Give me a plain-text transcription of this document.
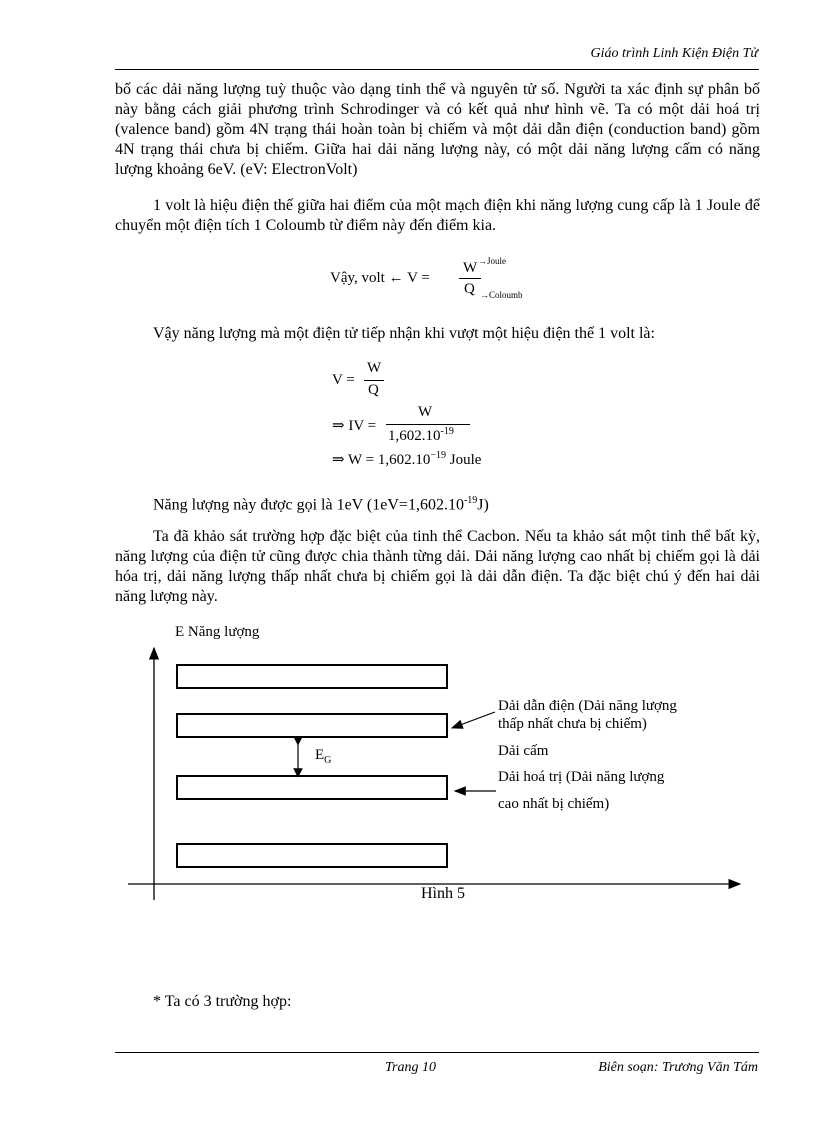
Giáo trình Linh Kiện Điện Tử
bố các dải năng lượng tuỳ thuộc vào dạng tinh thể và nguyên tử số. Người ta xác định sự phân bố này bằng cách giải phương trình Schrodinger và có kết quả như hình vẽ. Ta có một dải hoá trị (valence band) gồm 4N trạng thái hoàn toàn bị chiếm và một dải dẫn điện (conduction band) gồm 4N trạng thái chưa bị chiếm. Giữa hai dải năng lượng này, có một dải năng lượng cấm có năng lượng khoảng 6eV. (eV: ElectronVolt)
1 volt là hiệu điện thế giữa hai điểm của một mạch điện khi năng lượng cung cấp là 1 Joule để chuyển một điện tích 1 Coloumb từ điểm này đến điểm kia.
Vậy, volt ← V =
W →Joule
Q →Coloumb
Vậy năng lượng mà một điện tử tiếp nhận khi vượt một hiệu điện thế 1 volt là:
V =
W
Q
⇒ IV =
W
$1,602.10^{-19}$
⇒ $W = 1,602.10^{-19}$ Joule
Năng lượng này được gọi là 1eV $(1eV=1,602.10^{-19}J)$
Ta đã khảo sát trường hợp đặc biệt của tinh thể Cacbon. Nếu ta khảo sát một tinh thể bất kỳ, năng lượng của điện tử cũng được chia thành từng dải. Dải năng lượng cao nhất bị chiếm gọi là dải hóa trị, dải năng lượng thấp nhất chưa bị chiếm gọi là dải dẫn điện. Ta đặc biệt chú ý đến hai dải năng lượng này.
E Năng lượng
$E_G$
Dải dẫn điện (Dải năng lượng
thấp nhất chưa bị chiếm)
Dải cấm
Dải hoá trị (Dải năng lượng
cao nhất bị chiếm)
Hình 5
* Ta có 3 trường hợp:
Trang 10	Biên soạn: Trương Văn Tám
